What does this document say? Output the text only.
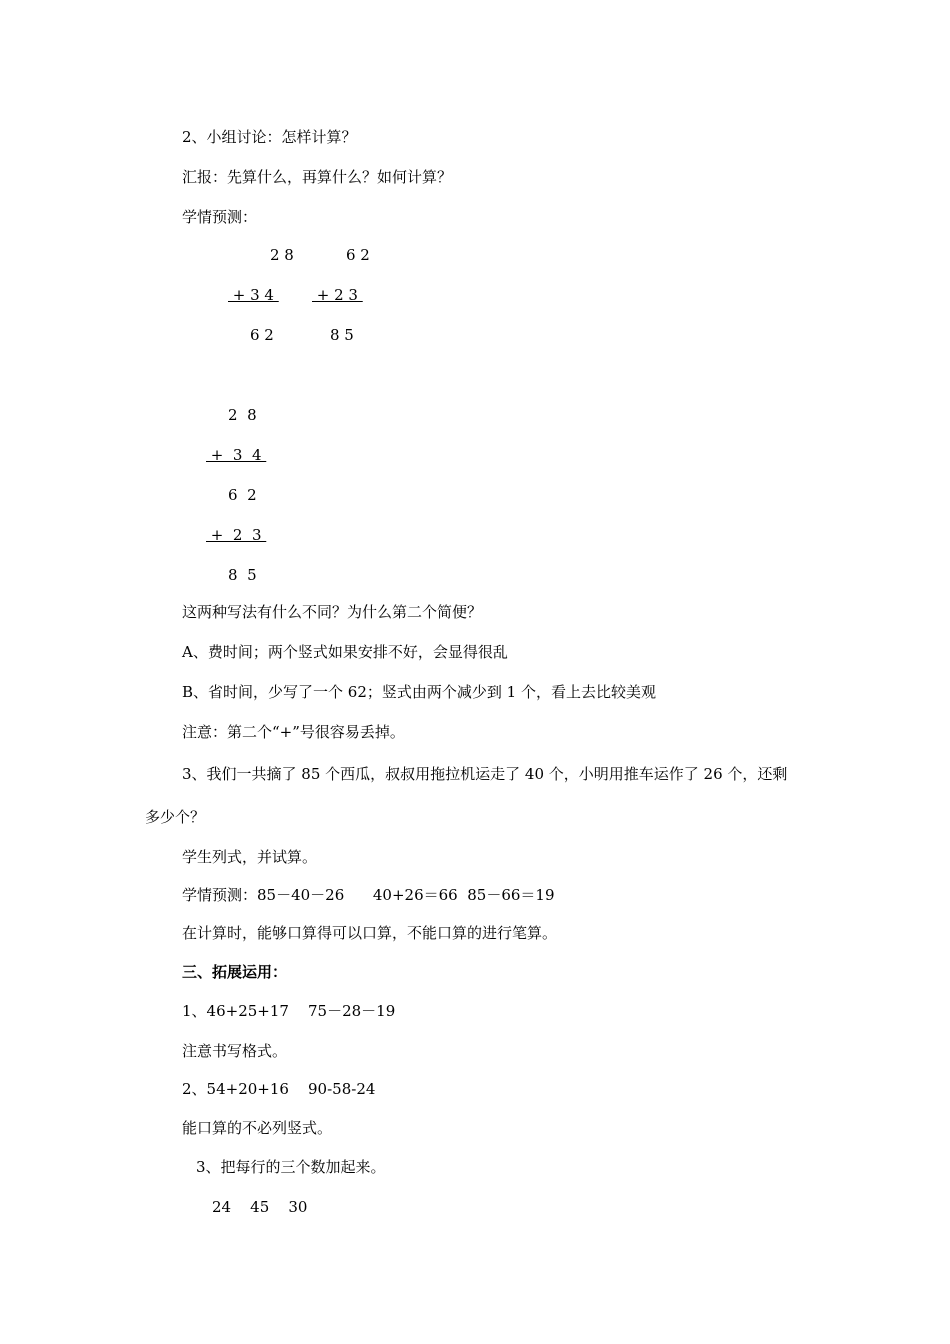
2、小组讨论：怎样计算？
汇报：先算什么，再算什么？如何计算？
学情预测：
2 8	6 2
+ 3 4 + 2 3
6 2	8 5
2  8
+  3  4
6  2
+  2  3
8  5
这两种写法有什么不同？为什么第二个简便？
A、费时间；两个竖式如果安排不好，会显得很乱
B、省时间，少写了一个 62；竖式由两个减少到 1 个，看上去比较美观
注意：第二个“+”号很容易丢掉。
3、我们一共摘了 85 个西瓜，叔叔用拖拉机运走了 40 个，小明用推车运作了 26 个，还剩
多少个？
学生列式，并试算。
学情预测：85－40－26      40+26＝66  85－66＝19
在计算时，能够口算得可以口算，不能口算的进行笔算。
三、拓展运用：
1、46+25+17    75－28－19
注意书写格式。
2、54+20+16    90-58-24
能口算的不必列竖式。
3、把每行的三个数加起来。
24    45    30
